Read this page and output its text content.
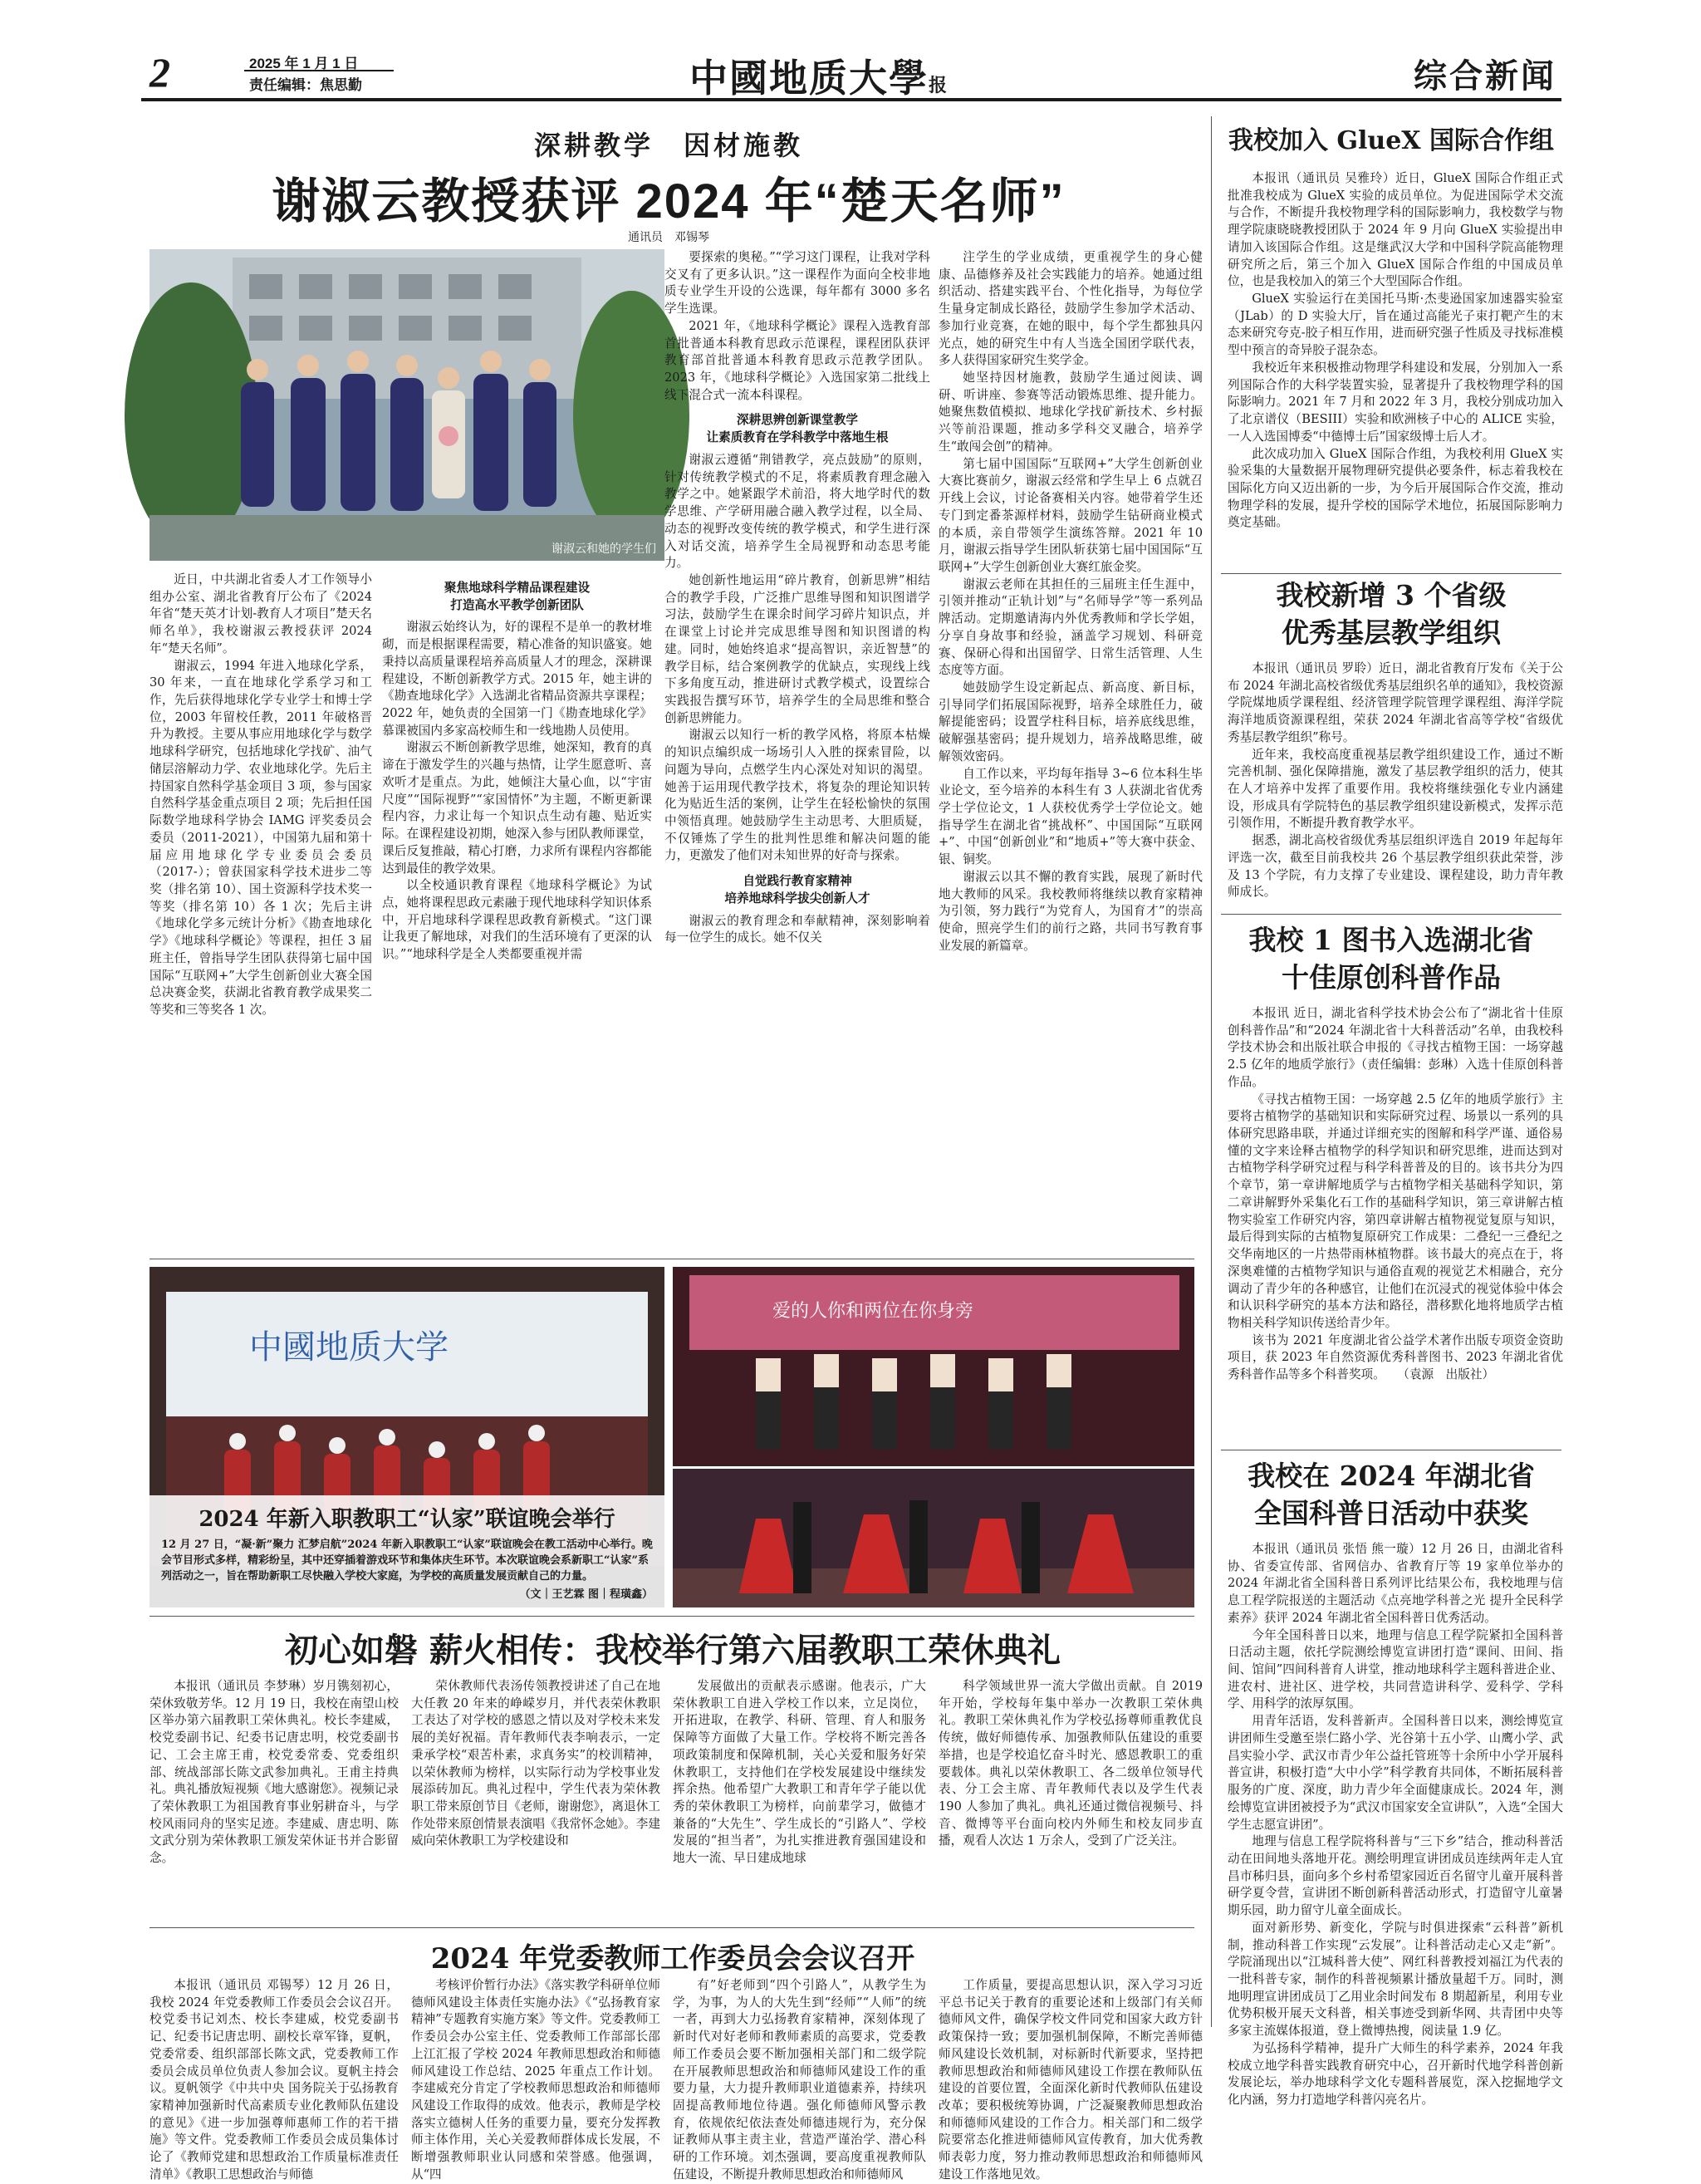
2	2025 年 1 月 1 日
责任编辑：焦思勤	中國地质大學报	综合新闻
深耕教学　因材施教
谢淑云教授获评 2024 年“楚天名师”
通讯员　邓锡琴
谢淑云和她的学生们

近日，中共湖北省委人才工作领导小组办公室、湖北省教育厅公布了《2024 年省“楚天英才计划-教育人才项目”楚天名师名单》，我校谢淑云教授获评 2024 年“楚天名师”。

谢淑云，1994 年进入地球化学系，30 年来，一直在地球化学系学习和工作，先后获得地球化学专业学士和博士学位，2003 年留校任教，2011 年破格晋升为教授。主要从事应用地球化学与数学地球科学研究，包括地球化学找矿、油气储层溶解动力学、农业地球化学。先后主持国家自然科学基金项目 3 项，参与国家自然科学基金重点项目 2 项；先后担任国际数学地球科学协会 IAMG 评奖委员会委员（2011-2021），中国第九届和第十届应用地球化学专业委员会委员（2017-）；曾获国家科学技术进步二等奖（排名第 10）、国土资源科学技术奖一等奖（排名第 10）各 1 次；先后主讲《地球化学多元统计分析》《勘查地球化学》《地球科学概论》等课程，担任 3 届班主任，曾指导学生团队获得第七届中国国际“互联网+”大学生创新创业大赛全国总决赛金奖，获湖北省教育教学成果奖二等奖和三等奖各 1 次。

聚焦地球科学精品课程建设
打造高水平教学创新团队

谢淑云始终认为，好的课程不是单一的教材堆砌，而是根据课程需要，精心准备的知识盛宴。她秉持以高质量课程培养高质量人才的理念，深耕课程建设，不断创新教学方式。2015 年，她主讲的《勘查地球化学》入选湖北省精品资源共享课程；2022 年，她负责的全国第一门《勘查地球化学》慕课被国内多家高校师生和一线地勘人员使用。

谢淑云不断创新教学思维，她深知，教育的真谛在于激发学生的兴趣与热情，让学生愿意听、喜欢听才是重点。为此，她倾注大量心血，以“宇宙尺度”“国际视野”“家国情怀”为主题，不断更新课程内容，力求让每一个知识点生动有趣、贴近实际。在课程建设初期，她深入参与团队教师课堂，课后反复推敲，精心打磨，力求所有课程内容都能达到最佳的教学效果。

以全校通识教育课程《地球科学概论》为试点，她将课程思政元素融于现代地球科学知识体系中，开启地球科学课程思政教育新模式。“这门课让我更了解地球，对我们的生活环境有了更深的认识。”“地球科学是全人类都要重视并需

要探索的奥秘。”“学习这门课程，让我对学科交叉有了更多认识。”这一课程作为面向全校非地质专业学生开设的公选课，每年都有 3000 多名学生选课。

2021 年，《地球科学概论》课程入选教育部首批普通本科教育思政示范课程，课程团队获评教育部首批普通本科教育思政示范教学团队。2023 年，《地球科学概论》入选国家第二批线上线下混合式一流本科课程。

深耕思辨创新课堂教学
让素质教育在学科教学中落地生根

谢淑云遵循“荆错教学，亮点鼓励”的原则，针对传统教学模式的不足，将素质教育理念融入教学之中。她紧跟学术前沿，将大地学时代的数学思维、产学研用融合融入教学过程，以全局、动态的视野改变传统的教学模式，和学生进行深入对话交流，培养学生全局视野和动态思考能力。

她创新性地运用“碎片教育，创新思辨”相结合的教学手段，广泛推广思维导图和知识图谱学习法，鼓励学生在课余时间学习碎片知识点，并在课堂上讨论并完成思维导图和知识图谱的构建。同时，她始终追求“提高智识，亲近智慧”的教学目标，结合案例教学的优缺点，实现线上线下多角度互动，推进研讨式教学模式，设置综合实践报告撰写环节，培养学生的全局思维和整合创新思辨能力。

谢淑云以知行一析的教学风格，将原本枯燥的知识点编织成一场场引人入胜的探索冒险，以问题为导向，点燃学生内心深处对知识的渴望。她善于运用现代教学技术，将复杂的理论知识转化为贴近生活的案例，让学生在轻松愉快的氛围中领悟真理。她鼓励学生主动思考、大胆质疑，不仅锤炼了学生的批判性思维和解决问题的能力，更激发了他们对未知世界的好奇与探索。

自觉践行教育家精神
培养地球科学拔尖创新人才

谢淑云的教育理念和奉献精神，深刻影响着每一位学生的成长。她不仅关

注学生的学业成绩，更重视学生的身心健康、品德修养及社会实践能力的培养。她通过组织活动、搭建实践平台、个性化指导，为每位学生量身定制成长路径，鼓励学生参加学术活动、参加行业竞赛，在她的眼中，每个学生都独具闪光点，她的研究生中有人当选全国团学联代表，多人获得国家研究生奖学金。

她坚持因材施教，鼓励学生通过阅读、调研、听讲座、参赛等活动锻炼思维、提升能力。她聚焦数值模拟、地球化学找矿新技术、乡村振兴等前沿课题，推动多学科交叉融合，培养学生“敢闯会创”的精神。

第七届中国国际“互联网+”大学生创新创业大赛比赛前夕，谢淑云经常和学生早上 6 点就召开线上会议，讨论备赛相关内容。她带着学生还专门到定番茶源样材料，鼓励学生钻研商业模式的本质，亲自带领学生演练答辩。2021 年 10 月，谢淑云指导学生团队斩获第七届中国国际“互联网+”大学生创新创业大赛红旅金奖。

谢淑云老师在其担任的三届班主任生涯中，引领并推动“正轨计划”与“名师导学”等一系列品牌活动。定期邀请海内外优秀教师和学长学姐，分享自身故事和经验，涵盖学习规划、科研竞赛、保研心得和出国留学、日常生活管理、人生态度等方面。

她鼓励学生设定新起点、新高度、新目标，引导同学们拓展国际视野，培养全球胜任力，破解提能密码；设置学柱科目标，培养底线思维，破解强基密码；提升规划力，培养战略思维，破解领效密码。

自工作以来，平均每年指导 3~6 位本科生毕业论文，至今培养的本科生有 3 人获湖北省优秀学士学位论文，1 人获校优秀学士学位论文。她指导学生在湖北省“挑战杯”、中国国际“互联网+”、中国“创新创业”和“地质+”等大赛中获金、银、铜奖。

谢淑云以其不懈的教育实践，展现了新时代地大教师的风采。我校教师将继续以教育家精神为引领，努力践行“为党育人，为国育才”的崇高使命，照亮学生们的前行之路，共同书写教育事业发展的新篇章。

中國地质大学
爱的人你和两位在你身旁
2024 年新入职教职工“认家”联谊晚会举行
12 月 27 日，“凝·新”聚力 汇梦启航”2024 年新入职教职工“认家”联谊晚会在教工活动中心举行。晚会节目形式多样，精彩纷呈，其中还穿插着游戏环节和集体庆生环节。本次联谊晚会系新职工“认家”系列活动之一，旨在帮助新职工尽快融入学校大家庭，为学校的高质量发展贡献自己的力量。
（文｜王艺霖 图｜程璜鑫）
初心如磐 薪火相传：我校举行第六届教职工荣休典礼

本报讯（通讯员 李梦琳）岁月镌刻初心，荣休致敬芳华。12 月 19 日，我校在南望山校区举办第六届教职工荣休典礼。校长李建威，校党委副书记、纪委书记唐忠明，校党委副书记、工会主席王甫，校党委常委、党委组织部、统战部部长陈文武参加典礼。王甫主持典礼。典礼播放短视频《地大感谢您》。视频记录了荣休教职工为祖国教育事业躬耕奋斗，与学校风雨同舟的坚实足迹。李建威、唐忠明、陈文武分别为荣休教职工颁发荣休证书并合影留念。

荣休教师代表汤传领教授讲述了自己在地大任教 20 年来的峥嵘岁月，并代表荣休教职工表达了对学校的感恩之情以及对学校未来发展的美好祝福。青年教师代表李响表示，一定秉承学校“艰苦朴素，求真务实”的校训精神，以荣休教师为榜样，以实际行动为学校事业发展添砖加瓦。典礼过程中，学生代表为荣休教职工带来原创节目《老师，谢谢您》，离退休工作处带来原创情景表演唱《我常怀念她》。李建威向荣休教职工为学校建设和

发展做出的贡献表示感谢。他表示，广大荣休教职工自进入学校工作以来，立足岗位，开拓进取，在教学、科研、管理、育人和服务保障等方面做了大量工作。学校将不断完善各项政策制度和保障机制，关心关爱和服务好荣休教职工，支持他们在学校发展建设中继续发挥余热。他希望广大教职工和青年学子能以优秀的荣休教职工为榜样，向前辈学习，做德才兼备的“大先生”、学生成长的“引路人”、学校发展的“担当者”，为扎实推进教育强国建设和地大一流、早日建成地球

科学领域世界一流大学做出贡献。自 2019 年开始，学校每年集中举办一次教职工荣休典礼。教职工荣休典礼作为学校弘扬尊师重教优良传统，做好师德传承、加强教师队伍建设的重要举措，也是学校追忆奋斗时光、感恩教职工的重要载体。典礼以荣休教职工、各二级单位领导代表、分工会主席、青年教师代表以及学生代表 190 人参加了典礼。典礼还通过微信视频号、抖音、微博等平台面向校内外师生和校友同步直播，观看人次达 1 万余人，受到了广泛关注。

2024 年党委教师工作委员会会议召开

本报讯（通讯员 邓锡琴）12 月 26 日，我校 2024 年党委教师工作委员会会议召开。校党委书记刘杰、校长李建威，校党委副书记、纪委书记唐忠明、副校长章军锋，夏帆，党委常委、组织部部长陈文武，党委教师工作委员会成员单位负责人参加会议。夏帆主持会议。夏帆领学《中共中央 国务院关于弘扬教育家精神加强新时代高素质专业化教师队伍建设的意见》《进一步加强尊师惠师工作的若干措施》等文件。党委教师工作委员会成员集体讨论了《教师党建和思想政治工作质量标准责任清单》《教职工思想政治与师德

考核评价暂行办法》《落实教学科研单位师德师风建设主体责任实施办法》《“弘扬教育家精神”专题教育实施方案》等文件。党委教师工作委员会办公室主任、党委教师工作部部长邵上江汇报了学校 2024 年教师思想政治和师德师风建设工作总结、2025 年重点工作计划。李建威充分肯定了学校教师思想政治和师德师风建设工作取得的成效。他表示，教师是学校落实立德树人任务的重要力量，要充分发挥教师主体作用，关心关爱教师群体成长发展，不断增强教师职业认同感和荣誉感。他强调，从“四

有”好老师到“四个引路人”，从教学生为学，为事，为人的大先生到“经师”“人师”的统一者，再到大力弘扬教育家精神，深刻体现了新时代对好老师和教师素质的高要求，党委教师工作委员会要不断加强相关部门和二级学院在开展教师思想政治和师德师风建设工作的重要力量，大力提升教师职业道德素养，持续巩固提高教师地位待遇。强化师德师风警示教育，依规依纪依法查处师德违规行为，充分保证教师从事主责主业，营造严谨治学、潜心科研的工作环境。刘杰强调，要高度重视教师队伍建设，不断提升教师思想政治和师德师风

工作质量，要提高思想认识，深入学习习近平总书记关于教育的重要论述和上级部门有关师德师风文件，确保学校文件同党和国家大政方针政策保持一致；要加强机制保障，不断完善师德师风建设长效机制，对标新时代新要求，坚持把教师思想政治和师德师风建设工作摆在教师队伍建设的首要位置，全面深化新时代教师队伍建设改革；要积极统筹协调，广泛凝聚教师思想政治和师德师风建设的工作合力。相关部门和二级学院要常态化推进师德师风宣传教育，加大优秀教师表彰力度，努力推动教师思想政治和师德师风建设工作落地见效。

我校加入 GlueX 国际合作组

本报讯（通讯员 吴雅玲）近日，GlueX 国际合作组正式批准我校成为 GlueX 实验的成员单位。为促进国际学术交流与合作，不断提升我校物理学科的国际影响力，我校数学与物理学院康晓晓教授团队于 2024 年 9 月向 GlueX 实验提出申请加入该国际合作组。这是继武汉大学和中国科学院高能物理研究所之后，第三个加入 GlueX 国际合作组的中国成员单位，也是我校加入的第三个大型国际合作组。

GlueX 实验运行在美国托马斯·杰斐逊国家加速器实验室（JLab）的 D 实验大厅，旨在通过高能光子束打靶产生的末态来研究夸克-胶子相互作用，进而研究强子性质及寻找标准模型中预言的奇异胶子混杂态。

我校近年来积极推动物理学科建设和发展，分别加入一系列国际合作的大科学装置实验，显著提升了我校物理学科的国际影响力。2021 年 7 月和 2022 年 3 月，我校分别成功加入了北京谱仪（BESIII）实验和欧洲核子中心的 ALICE 实验，一人入选国博委“中德博士后”国家级博士后人才。

此次成功加入 GlueX 国际合作组，为我校利用 GlueX 实验采集的大量数据开展物理研究提供必要条件，标志着我校在国际化方向又迈出新的一步，为今后开展国际合作交流，推动物理学科的发展，提升学校的国际学术地位，拓展国际影响力奠定基础。

我校新增 3 个省级
优秀基层教学组织

本报讯（通讯员 罗聆）近日，湖北省教育厅发布《关于公布 2024 年湖北高校省级优秀基层组织名单的通知》，我校资源学院煤地质学课程组、经济管理学院管理学课程组、海洋学院海洋地质资源课程组，荣获 2024 年湖北省高等学校“省级优秀基层教学组织”称号。

近年来，我校高度重视基层教学组织建设工作，通过不断完善机制、强化保障措施，激发了基层教学组织的活力，使其在人才培养中发挥了重要作用。我校将继续强化专业内涵建设，形成具有学院特色的基层教学组织建设新模式，发挥示范引领作用，不断提升教育教学水平。

据悉，湖北高校省级优秀基层组织评选自 2019 年起每年评选一次，截至目前我校共 26 个基层教学组织获此荣誉，涉及 13 个学院，有力支撑了专业建设、课程建设，助力青年教师成长。

我校 1 图书入选湖北省
十佳原创科普作品

本报讯 近日，湖北省科学技术协会公布了“湖北省十佳原创科普作品”和“2024 年湖北省十大科普活动”名单，由我校科学技术协会和出版社联合申报的《寻找古植物王国：一场穿越 2.5 亿年的地质学旅行》（责任编辑：彭琳）入选十佳原创科普作品。

《寻找古植物王国：一场穿越 2.5 亿年的地质学旅行》主要将古植物学的基础知识和实际研究过程、场景以一系列的具体研究思路串联，并通过详细充实的图解和科学严谨、通俗易懂的文字来诠释古植物学的科学知识和研究思维，进而达到对古植物学科学研究过程与科学科普普及的目的。该书共分为四个章节，第一章讲解地质学与古植物学相关基础科学知识，第二章讲解野外采集化石工作的基础科学知识，第三章讲解古植物实验室工作研究内容，第四章讲解古植物视觉复原与知识，最后得到实际的古植物复原研究工作成果：二叠纪一三叠纪之交华南地区的一片热带雨林植物群。该书最大的亮点在于，将深奥难懂的古植物学知识与通俗直观的视觉艺术相融合，充分调动了青少年的各种感官，让他们在沉浸式的视觉体验中体会和认识科学研究的基本方法和路径，潜移默化地将地质学古植物相关科学知识传送给青少年。

该书为 2021 年度湖北省公益学术著作出版专项资金资助项目，获 2023 年自然资源优秀科普图书、2023 年湖北省优秀科普作品等多个科普奖项。　　（袁源　出版社）

我校在 2024 年湖北省
全国科普日活动中获奖

本报讯（通讯员 张悟 熊一璇）12 月 26 日，由湖北省科协、省委宣传部、省网信办、省教育厅等 19 家单位举办的 2024 年湖北省全国科普日系列评比结果公布，我校地理与信息工程学院报送的主题活动《点亮地学科普之光 提升全民科学素养》获评 2024 年湖北省全国科普日优秀活动。

今年全国科普日以来，地理与信息工程学院紧扣全国科普日活动主题，依托学院测绘博览宣讲团打造“课间、田间、指间、馆间”四间科普育人讲堂，推动地球科学主题科普进企业、进农村、进社区、进学校，共同营造讲科学、爱科学、学科学、用科学的浓厚氛围。

用青年活语，发科普新声。全国科普日以来，测绘博览宣讲团师生受邀至崇仁路小学、光谷第十五小学、山鹰小学、武昌实验小学、武汉市青少年公益托管班等十余所中小学开展科普宣讲，积极打造“大中小学”科学教育共同体，不断拓展科普服务的广度、深度，助力青少年全面健康成长。2024 年，测绘博览宣讲团被授予为“武汉市国家安全宣讲队”，入选“全国大学生志愿宣讲团”。

地理与信息工程学院将科普与“三下乡”结合，推动科普活动在田间地头落地开花。测绘明理宣讲团成员连续两年走人宜昌市秭归县，面向多个乡村希望家园近百名留守儿童开展科普研学夏令营，宣讲团不断创新科普活动形式，打造留守儿童暑期乐园，助力留守儿童全面成长。

面对新形势、新变化，学院与时俱进探索“云科普”新机制，推动科普工作实现“云发展”。让科普活动走心又走“新”。学院涌现出以“江城科普大使”、网红科普教授刘福江为代表的一批科普专家，制作的科普视频累计播放量超千万。同时，测地明理宣讲团成员丁乙用业余时间发布 8 期超新星，利用专业优势积极开展天文科普，相关事迹受到新华网、共青团中央等多家主流媒体报道，登上微博热搜，阅读量 1.9 亿。

为弘扬科学精神，提升广大师生的科学素养，2024 年我校成立地学科普实践教育研究中心，召开新时代地学科普创新发展论坛，举办地球科学文化专题科普展览，深入挖掘地学文化内涵，努力打造地学科普闪亮名片。
